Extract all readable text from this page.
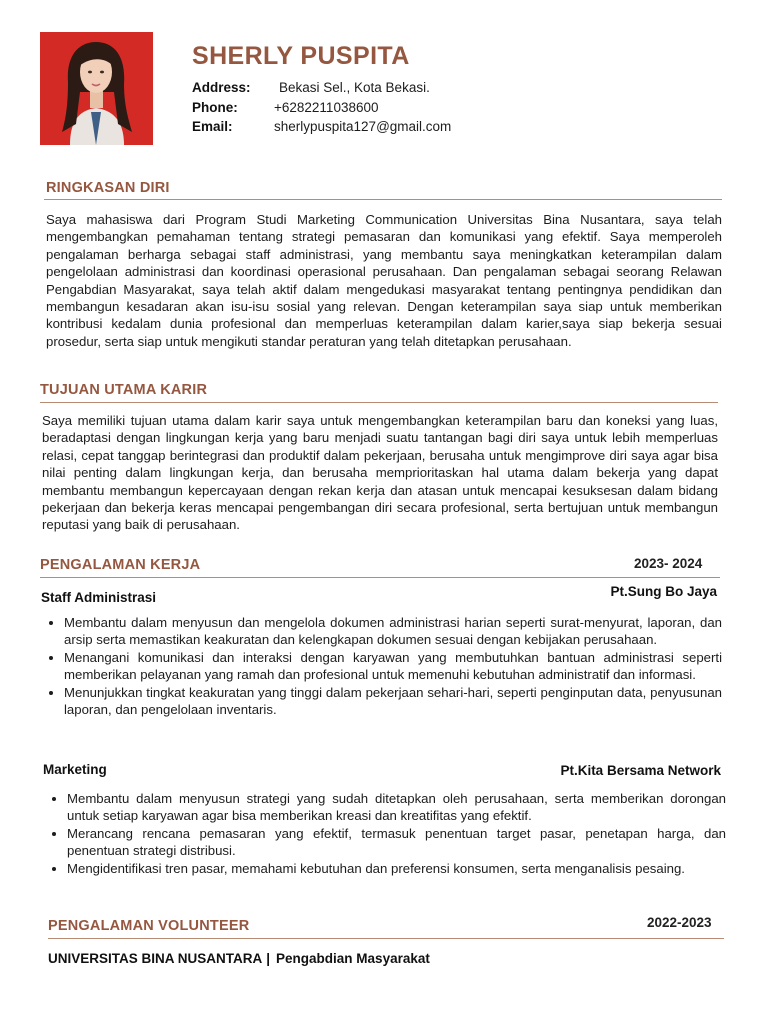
SHERLY PUSPITA
Address: Bekasi Sel., Kota Bekasi.
Phone:	+6282211038600
Email:	sherlypuspita127@gmail.com
RINGKASAN DIRI

Saya mahasiswa dari Program Studi Marketing Communication Universitas Bina Nusantara, saya telah mengembangkan pemahaman tentang strategi pemasaran dan komunikasi yang efektif. Saya memperoleh pengalaman berharga sebagai staff administrasi, yang membantu saya meningkatkan keterampilan dalam pengelolaan administrasi dan koordinasi operasional perusahaan. Dan pengalaman sebagai seorang Relawan Pengabdian Masyarakat, saya telah aktif dalam mengedukasi masyarakat tentang pentingnya pendidikan dan membangun kesadaran akan isu-isu sosial yang relevan. Dengan keterampilan saya siap untuk memberikan kontribusi kedalam dunia profesional dan memperluas keterampilan dalam karier,saya siap bekerja sesuai prosedur, serta siap untuk mengikuti standar peraturan yang telah ditetapkan perusahaan.

TUJUAN UTAMA KARIR

Saya memiliki tujuan utama dalam karir saya untuk mengembangkan keterampilan baru dan koneksi yang luas, beradaptasi dengan lingkungan kerja yang baru menjadi suatu tantangan bagi diri saya untuk lebih memperluas relasi, cepat tanggap berintegrasi dan produktif dalam pekerjaan, berusaha untuk mengimprove diri saya agar bisa nilai penting dalam lingkungan kerja, dan berusaha memprioritaskan hal utama dalam bekerja yang dapat membantu membangun kepercayaan dengan rekan kerja dan atasan untuk mencapai kesuksesan dalam bidang pekerjaan dan bekerja keras mencapai pengembangan diri secara profesional, serta bertujuan untuk membangun reputasi yang baik di perusahaan.

PENGALAMAN KERJA	2023- 2024
Staff Administrasi	Pt.Sung Bo Jaya
• Membantu dalam menyusun dan mengelola dokumen administrasi harian seperti surat-menyurat, laporan, dan arsip serta memastikan keakuratan dan kelengkapan dokumen sesuai dengan kebijakan perusahaan.
• Menangani komunikasi dan interaksi dengan karyawan yang membutuhkan bantuan administrasi seperti memberikan pelayanan yang ramah dan profesional untuk memenuhi kebutuhan administratif dan informasi.
• Menunjukkan tingkat keakuratan yang tinggi dalam pekerjaan sehari-hari, seperti penginputan data, penyusunan laporan, dan pengelolaan inventaris.
Marketing	Pt.Kita Bersama Network
• Membantu dalam menyusun strategi yang sudah ditetapkan oleh perusahaan, serta memberikan dorongan untuk setiap karyawan agar bisa memberikan kreasi dan kreatifitas yang efektif.
• Merancang rencana pemasaran yang efektif, termasuk penentuan target pasar, penetapan harga, dan penentuan strategi distribusi.
• Mengidentifikasi tren pasar, memahami kebutuhan dan preferensi konsumen, serta menganalisis pesaing.
PENGALAMAN VOLUNTEER	2022-2023
UNIVERSITAS BINA NUSANTARA | Pengabdian Masyarakat
